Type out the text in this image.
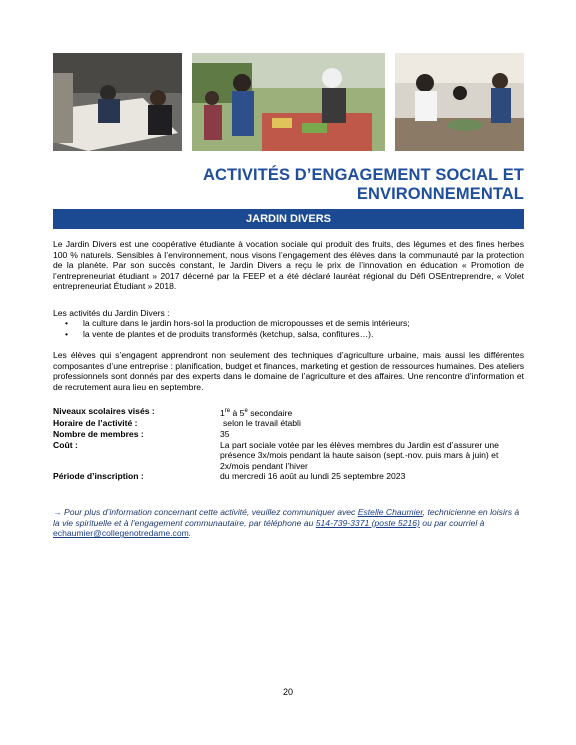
ACTIVITÉS D’ENGAGEMENT SOCIAL ET
ENVIRONNEMENTAL
JARDIN DIVERS
Le Jardin Divers est une coopérative étudiante à vocation sociale qui produit des fruits, des légumes et des fines herbes 100 % naturels. Sensibles à l’environnement, nous visons l’engagement des élèves dans la communauté par la protection de la planète. Par son succès constant, le Jardin Divers a reçu le prix de l’innovation en éducation « Promotion de l’entrepreneuriat étudiant » 2017 décerné par la FEEP et a été déclaré lauréat régional du Défi OSEntreprendre, « Volet entrepreneuriat Étudiant » 2018.
Les activités du Jardin Divers :
• la culture dans le jardin hors-sol la production de micropousses et de semis intérieurs;
• la vente de plantes et de produits transformés (ketchup, salsa, confitures…).
Les élèves qui s’engagent apprendront non seulement des techniques d’agriculture urbaine, mais aussi les différentes composantes d’une entreprise : planification, budget et finances, marketing et gestion de ressources humaines. Des ateliers professionnels sont donnés par des experts dans le domaine de l’agriculture et des affaires. Une rencontre d’information et de recrutement aura lieu en septembre.
Niveaux scolaires visés :	1re à 5e secondaire
Horaire de l’activité :	selon le travail établi
Nombre de membres :	35
Coût :	La part sociale votée par les élèves membres du Jardin est d’assurer une présence 3x/mois pendant la haute saison (sept.-nov. puis mars à juin) et 2x/mois pendant l’hiver
Période d’inscription :	du mercredi 16 août au lundi 25 septembre 2023
→ Pour plus d’information concernant cette activité, veuillez communiquer avec Estelle Chaumier, technicienne en loisirs à la vie spirituelle et à l’engagement communautaire, par téléphone au 514-739-3371 (poste 5216) ou par courriel à echaumier@collegenotredame.com.
20
